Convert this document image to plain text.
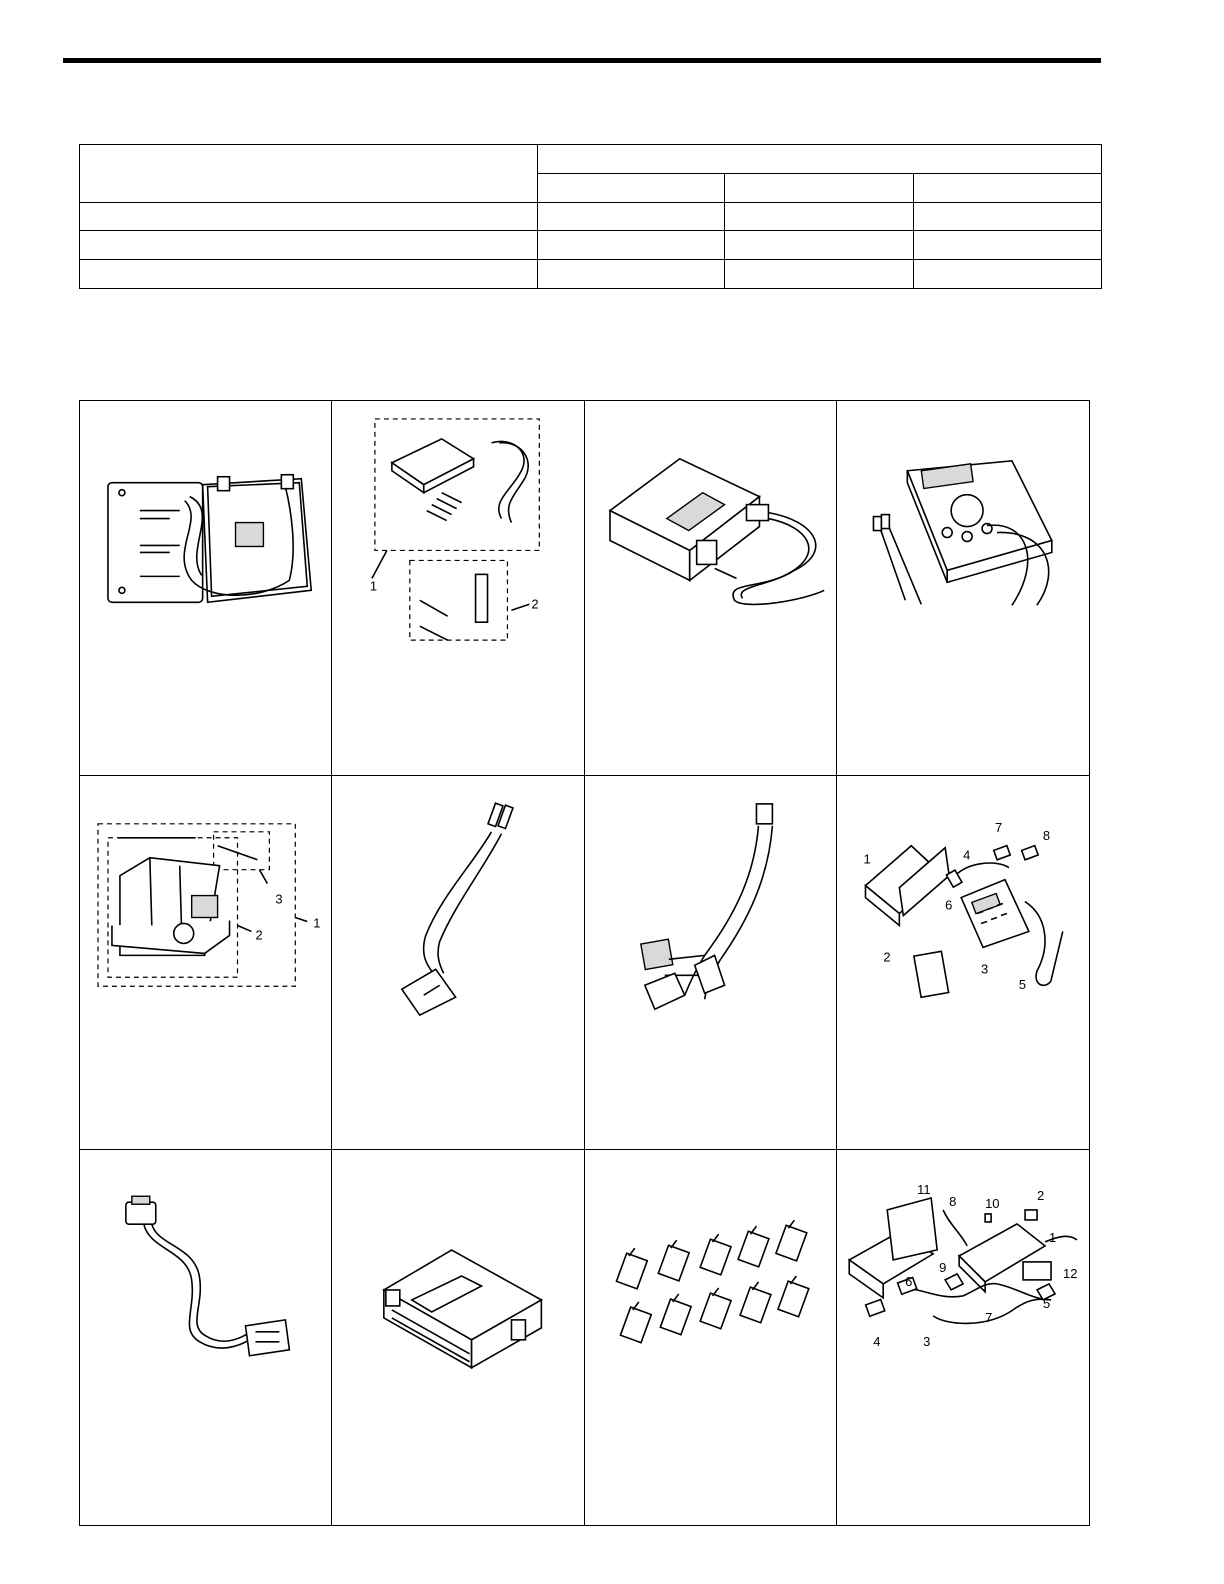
1
2
1
2
3
1
2
3
4
5
6
7
8
1
2
3
4
5
6
7
8
9
10
11
12
